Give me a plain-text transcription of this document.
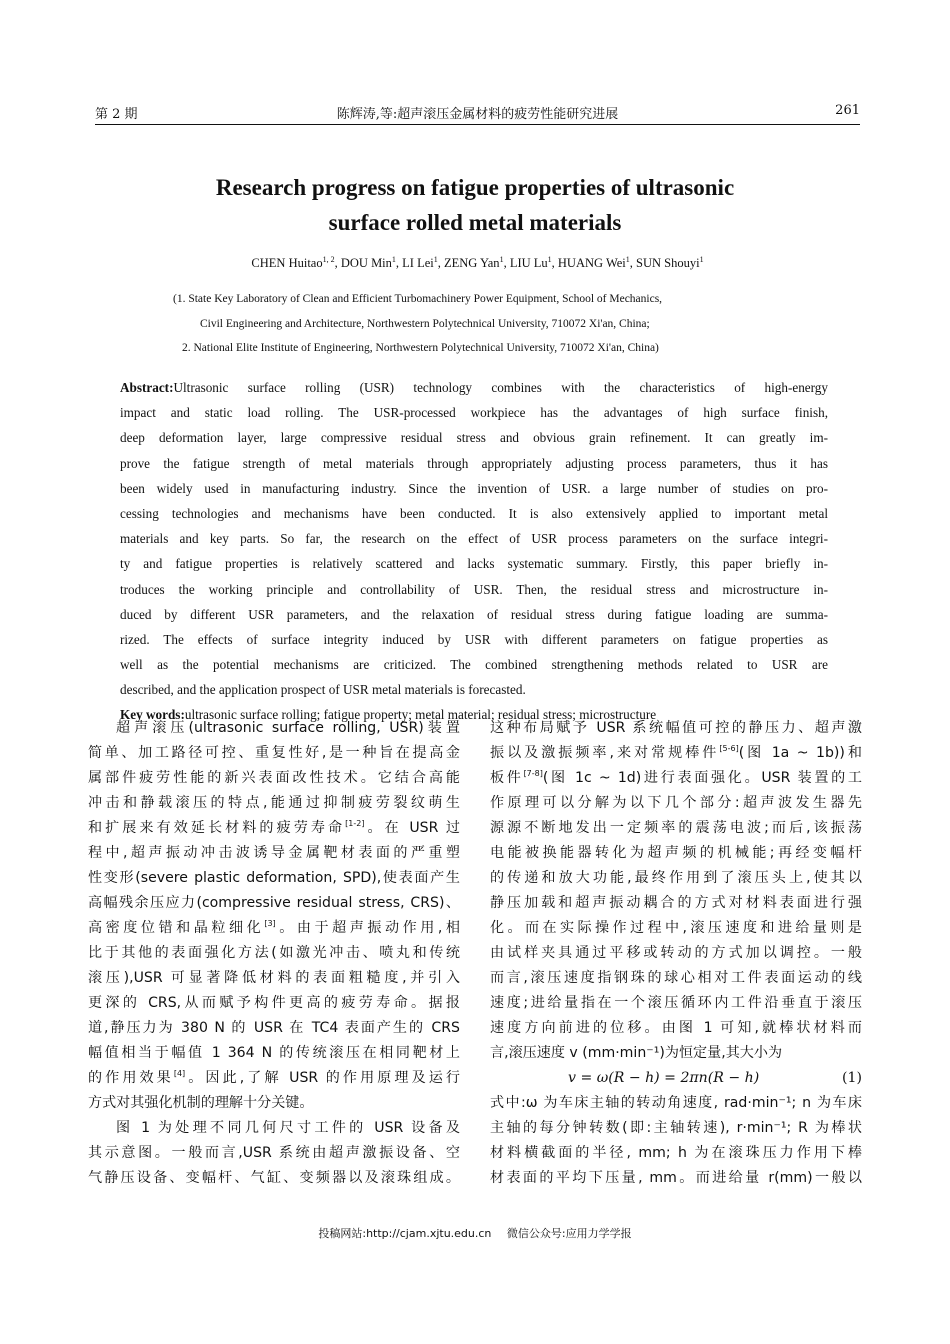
第 2 期	陈辉涛,等:超声滚压金属材料的疲劳性能研究进展	261
Research progress on fatigue properties of ultrasonic
surface rolled metal materials
CHEN Huitao$^{1, 2}$, DOU Min$^1$, LI Lei$^1$, ZENG Yan$^1$, LIU Lu$^1$, HUANG Wei$^1$, SUN Shouyi$^1$
(1. State Key Laboratory of Clean and Efficient Turbomachinery Power Equipment, School of Mechanics,
Civil Engineering and Architecture, Northwestern Polytechnical University, 710072 Xi'an, China;
2. National Elite Institute of Engineering, Northwestern Polytechnical University, 710072 Xi'an, China)
Abstract:Ultrasonic surface rolling (USR) technology combines with the characteristics of high-energy
impact and static load rolling. The USR-processed workpiece has the advantages of high surface finish,
deep deformation layer, large compressive residual stress and obvious grain refinement. It can greatly im-
prove the fatigue strength of metal materials through appropriately adjusting process parameters, thus it has
been widely used in manufacturing industry. Since the invention of USR. a large number of studies on pro-
cessing technologies and mechanisms have been conducted. It is also extensively applied to important metal
materials and key parts. So far, the research on the effect of USR process parameters on the surface integri-
ty and fatigue properties is relatively scattered and lacks systematic summary. Firstly, this paper briefly in-
troduces the working principle and controllability of USR. Then, the residual stress and microstructure in-
duced by different USR parameters, and the relaxation of residual stress during fatigue loading are summa-
rized. The effects of surface integrity induced by USR with different parameters on fatigue properties as
well as the potential mechanisms are criticized. The combined strengthening methods related to USR are
described, and the application prospect of USR metal materials is forecasted.
Key words:ultrasonic surface rolling; fatigue property; metal material; residual stress; microstructure
超声滚压(ultrasonic surface rolling, USR)装置
简单、加工路径可控、重复性好,是一种旨在提高金
属部件疲劳性能的新兴表面改性技术。它结合高能
冲击和静载滚压的特点,能通过抑制疲劳裂纹萌生
和扩展来有效延长材料的疲劳寿命[1-2]。在 USR 过
程中,超声振动冲击波诱导金属靶材表面的严重塑
性变形(severe plastic deformation, SPD),使表面产生
高幅残余压应力(compressive residual stress, CRS)、
高密度位错和晶粒细化[3]。由于超声振动作用,相
比于其他的表面强化方法(如激光冲击、喷丸和传统
滚压),USR 可显著降低材料的表面粗糙度,并引入
更深的 CRS,从而赋予构件更高的疲劳寿命。据报
道,静压力为 380 N 的 USR 在 TC4 表面产生的 CRS
幅值相当于幅值 1 364 N 的传统滚压在相同靶材上
的作用效果[4]。因此,了解 USR 的作用原理及运行
方式对其强化机制的理解十分关键。
图 1 为处理不同几何尺寸工件的 USR 设备及
其示意图。一般而言,USR 系统由超声激振设备、空
气静压设备、变幅杆、气缸、变频器以及滚珠组成。
这种布局赋予 USR 系统幅值可控的静压力、超声激
振以及激振频率,来对常规棒件[5-6](图 1a ~ 1b))和
板件[7-8](图 1c ~ 1d)进行表面强化。USR 装置的工
作原理可以分解为以下几个部分:超声波发生器先
源源不断地发出一定频率的震荡电波;而后,该振荡
电能被换能器转化为超声频的机械能;再经变幅杆
的传递和放大功能,最终作用到了滚压头上,使其以
静压加载和超声振动耦合的方式对材料表面进行强
化。而在实际操作过程中,滚压速度和进给量则是
由试样夹具通过平移或转动的方式加以调控。一般
而言,滚压速度指钢珠的球心相对工件表面运动的线
速度;进给量指在一个滚压循环内工件沿垂直于滚压
速度方向前进的位移。由图 1 可知,就棒状材料而
言,滚压速度 v (mm·min⁻¹)为恒定量,其大小为
v = ω(R − h) = 2πn(R − h)	(1)
式中:ω 为车床主轴的转动角速度, rad·min⁻¹; n 为车床
主轴的每分钟转数(即:主轴转速), r·min⁻¹; R 为棒状
材料横截面的半径, mm; h 为在滚珠压力作用下棒
材表面的平均下压量, mm。而进给量 r(mm)一般以
投稿网站:http://cjam.xjtu.edu.cn 微信公众号:应用力学学报
